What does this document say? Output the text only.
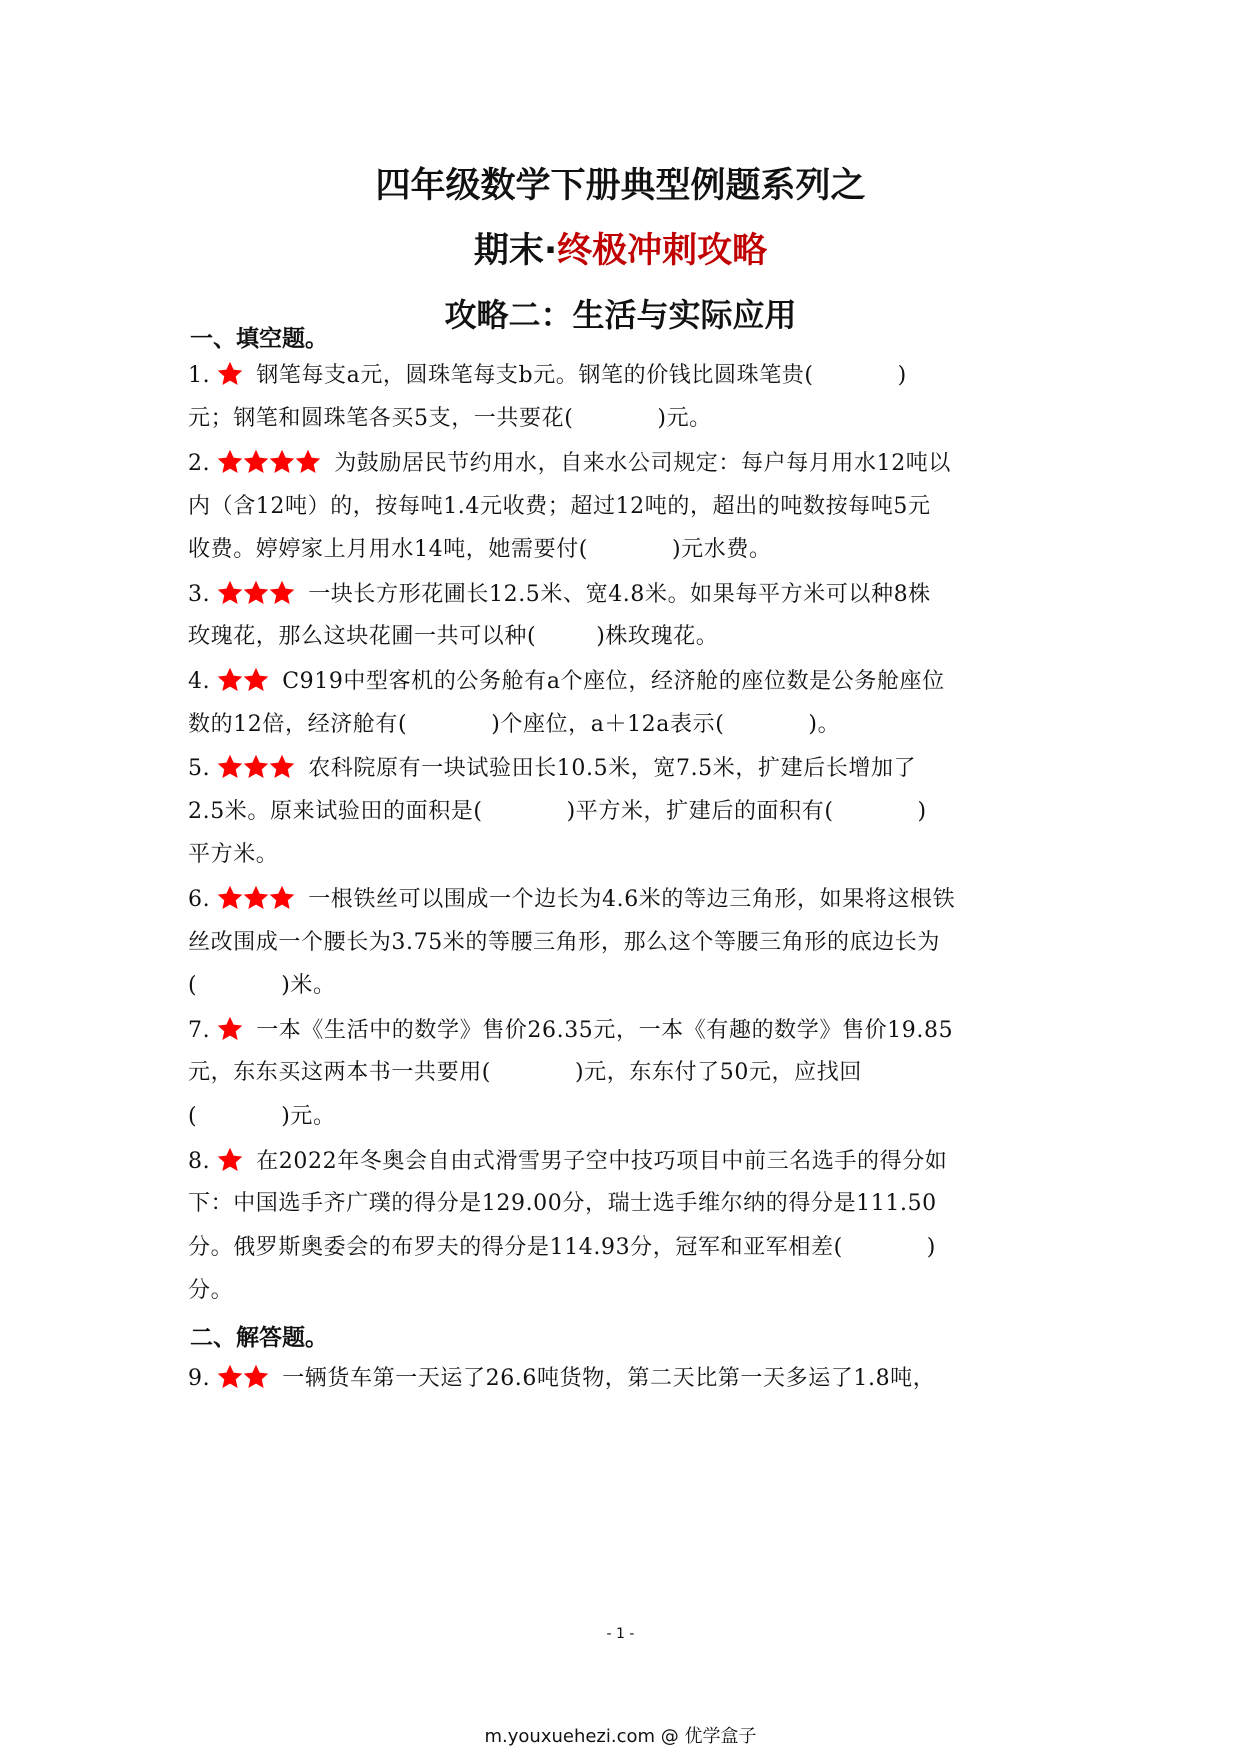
四年级数学下册典型例题系列之
期末·终极冲刺攻略
攻略二：生活与实际应用
一、填空题。
1. 钢笔每支a元，圆珠笔每支b元。钢笔的价钱比圆珠笔贵(	)
元；钢笔和圆珠笔各买5支，一共要花(	)元。
2.	为鼓励居民节约用水，自来水公司规定：每户每月用水12吨以
内（含12吨）的，按每吨1.4元收费；超过12吨的，超出的吨数按每吨5元
收费。婷婷家上月用水14吨，她需要付(	)元水费。
3.	一块长方形花圃长12.5米、宽4.8米。如果每平方米可以种8株
玫瑰花，那么这块花圃一共可以种(	)株玫瑰花。
4.	C919中型客机的公务舱有a个座位，经济舱的座位数是公务舱座位
数的12倍，经济舱有(	)个座位，a＋12a表示(	)。
5.	农科院原有一块试验田长10.5米，宽7.5米，扩建后长增加了
2.5米。原来试验田的面积是(	)平方米，扩建后的面积有(	)
平方米。
6.	一根铁丝可以围成一个边长为4.6米的等边三角形，如果将这根铁
丝改围成一个腰长为3.75米的等腰三角形，那么这个等腰三角形的底边长为
(	)米。
7. 一本《生活中的数学》售价26.35元，一本《有趣的数学》售价19.85
元，东东买这两本书一共要用(	)元，东东付了50元，应找回
(	)元。
8. 在2022年冬奥会自由式滑雪男子空中技巧项目中前三名选手的得分如
下：中国选手齐广璞的得分是129.00分，瑞士选手维尔纳的得分是111.50
分。俄罗斯奥委会的布罗夫的得分是114.93分，冠军和亚军相差(	)
分。
二、解答题。
9.	一辆货车第一天运了26.6吨货物，第二天比第一天多运了1.8吨，
- 1 -
m.youxuehezi.com @ 优学盒子
